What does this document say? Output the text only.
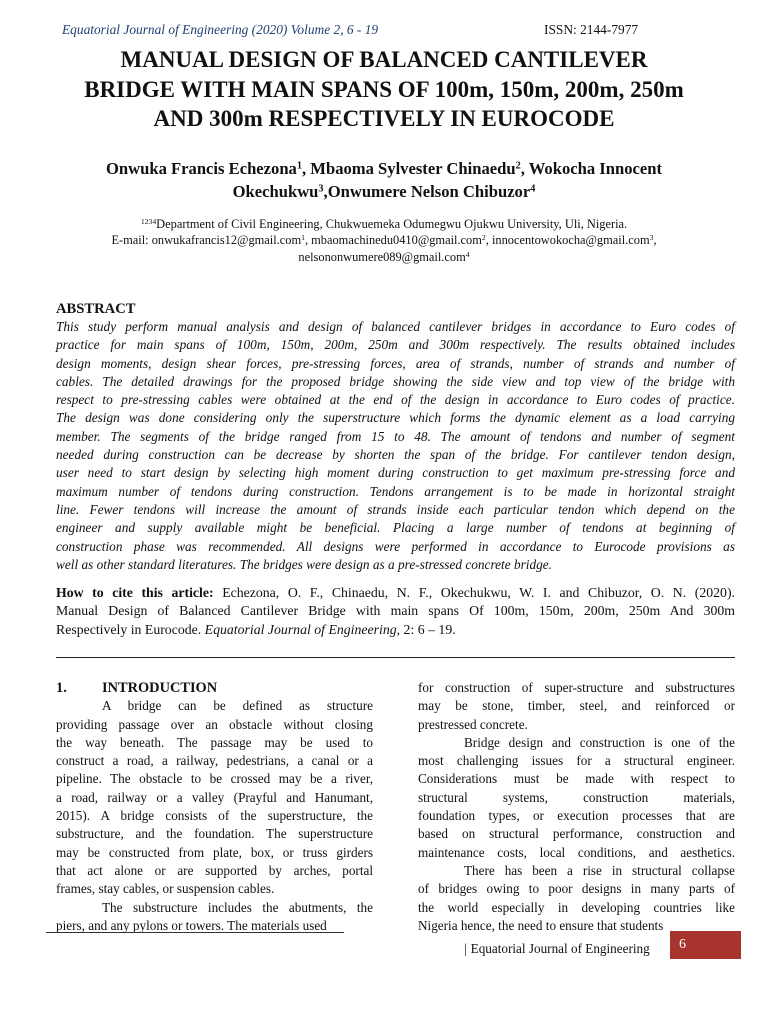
Equatorial Journal of Engineering (2020) Volume 2, 6 - 19	ISSN: 2144-7977
MANUAL DESIGN OF BALANCED CANTILEVER
BRIDGE WITH MAIN SPANS OF 100m, 150m, 200m, 250m
AND 300m RESPECTIVELY IN EUROCODE
Onwuka Francis Echezona$^1$, Mbaoma Sylvester Chinaedu$^2$, Wokocha Innocent
Okechukwu$^3$,Onwumere Nelson Chibuzor$^4$
$^{1234}$Department of Civil Engineering, Chukwuemeka Odumegwu Ojukwu University, Uli, Nigeria.
E-mail: onwukafrancis12@gmail.com$^1$, mbaomachinedu0410@gmail.com$^2$, innocentowokocha@gmail.com$^3$,
nelsononwumere089@gmail.com$^4$
ABSTRACT
This study perform manual analysis and design of balanced cantilever bridges in accordance to Euro codes of
practice for main spans of 100m, 150m, 200m, 250m and 300m respectively. The results obtained includes
design moments, design shear forces, pre-stressing forces, area of strands, number of strands and number of
cables. The detailed drawings for the proposed bridge showing the side view and top view of the bridge with
respect to pre-stressing cables were obtained at the end of the design in accordance to Euro codes of practice.
The design was done considering only the superstructure which forms the dynamic element as a load carrying
member. The segments of the bridge ranged from 15 to 48. The amount of tendons and number of segment
needed during construction can be decrease by shorten the span of the bridge. For cantilever tendon design,
user need to start design by selecting high moment during construction to get maximum pre-stressing force and
maximum number of tendons during construction. Tendons arrangement is to be made in horizontal straight
line. Fewer tendons will increase the amount of strands inside each particular tendon which depend on the
engineer and supply available might be beneficial. Placing a large number of tendons at beginning of
construction phase was recommended. All designs were performed in accordance to Eurocode provisions as
well as other standard literatures. The bridges were design as a pre-stressed concrete bridge.
How to cite this article: Echezona, O. F., Chinaedu, N. F., Okechukwu, W. I. and Chibuzor, O. N. (2020).
Manual Design of Balanced Cantilever Bridge with main spans Of 100m, 150m, 200m, 250m And 300m
Respectively in Eurocode. Equatorial Journal of Engineering, 2: 6 – 19.
1. INTRODUCTION
A bridge can be defined as structure
providing passage over an obstacle without closing
the way beneath. The passage may be used to
construct a road, a railway, pedestrians, a canal or a
pipeline. The obstacle to be crossed may be a river,
a road, railway or a valley (Prayful and Hanumant,
2015). A bridge consists of the superstructure, the
substructure, and the foundation. The superstructure
may be constructed from plate, box, or truss girders
that act alone or are supported by arches, portal
frames, stay cables, or suspension cables.
The substructure includes the abutments, the
piers, and any pylons or towers. The materials used
for construction of super-structure and substructures
may be stone, timber, steel, and reinforced or
prestressed concrete.
Bridge design and construction is one of the
most challenging issues for a structural engineer.
Considerations must be made with respect to
structural systems, construction materials,
foundation types, or execution processes that are
based on structural performance, construction and
maintenance costs, local conditions, and aesthetics.
There has been a rise in structural collapse
of bridges owing to poor designs in many parts of
the world especially in developing countries like
Nigeria hence, the need to ensure that students
| Equatorial Journal of Engineering	6
